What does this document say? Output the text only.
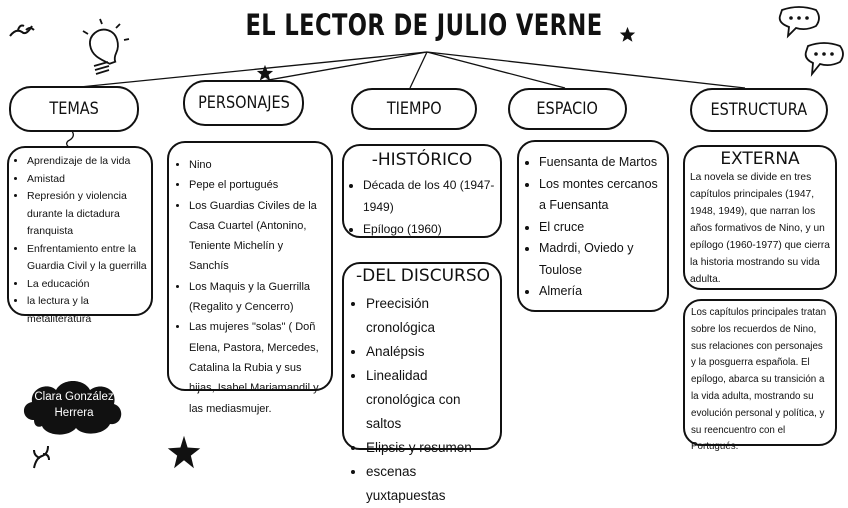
EL LECTOR DE JULIO VERNE
TEMAS	PERSONAJES	TIEMPO	ESPACIO	ESTRUCTURA
• Aprendizaje de la vida
• Amistad
• Represión y violencia durante la dictadura franquista
• Enfrentamiento entre la Guardia Civil y la guerrilla
• La educación
• la lectura y la metaliteratura
• Nino
• Pepe el portugués
• Los Guardias Civiles de la Casa Cuartel (Antonino, Teniente Michelín y Sanchís
• Los Maquis y la Guerrilla (Regalito y Cencerro)
• Las mujeres "solas" ( Doñ Elena, Pastora, Mercedes, Catalina la Rubia y sus hijas, Isabel Mariamandil y las mediasmujer.
-HISTÓRICO
• Década de los 40 (1947-1949)
• Epílogo (1960)
-DEL DISCURSO
• Preecisión cronológica
• Analépsis
• Linealidad cronológica con saltos
• Elipsis y resumen
• escenas yuxtapuestas
• Fuensanta de Martos
• Los montes cercanos a Fuensanta
• El cruce
• Madrdi, Oviedo y Toulose
• Almería
EXTERNA
La novela se divide en tres capítulos principales (1947, 1948, 1949), que narran los años formativos de Nino, y un epílogo (1960-1977) que cierra la historia mostrando su vida adulta.
Los capítulos principales tratan sobre los recuerdos de Nino, sus relaciones con personajes y la posguerra española. El epílogo, abarca su transición a la vida adulta, mostrando su evolución personal y política, y su reencuentro con el Portugués.
Clara González Herrera
